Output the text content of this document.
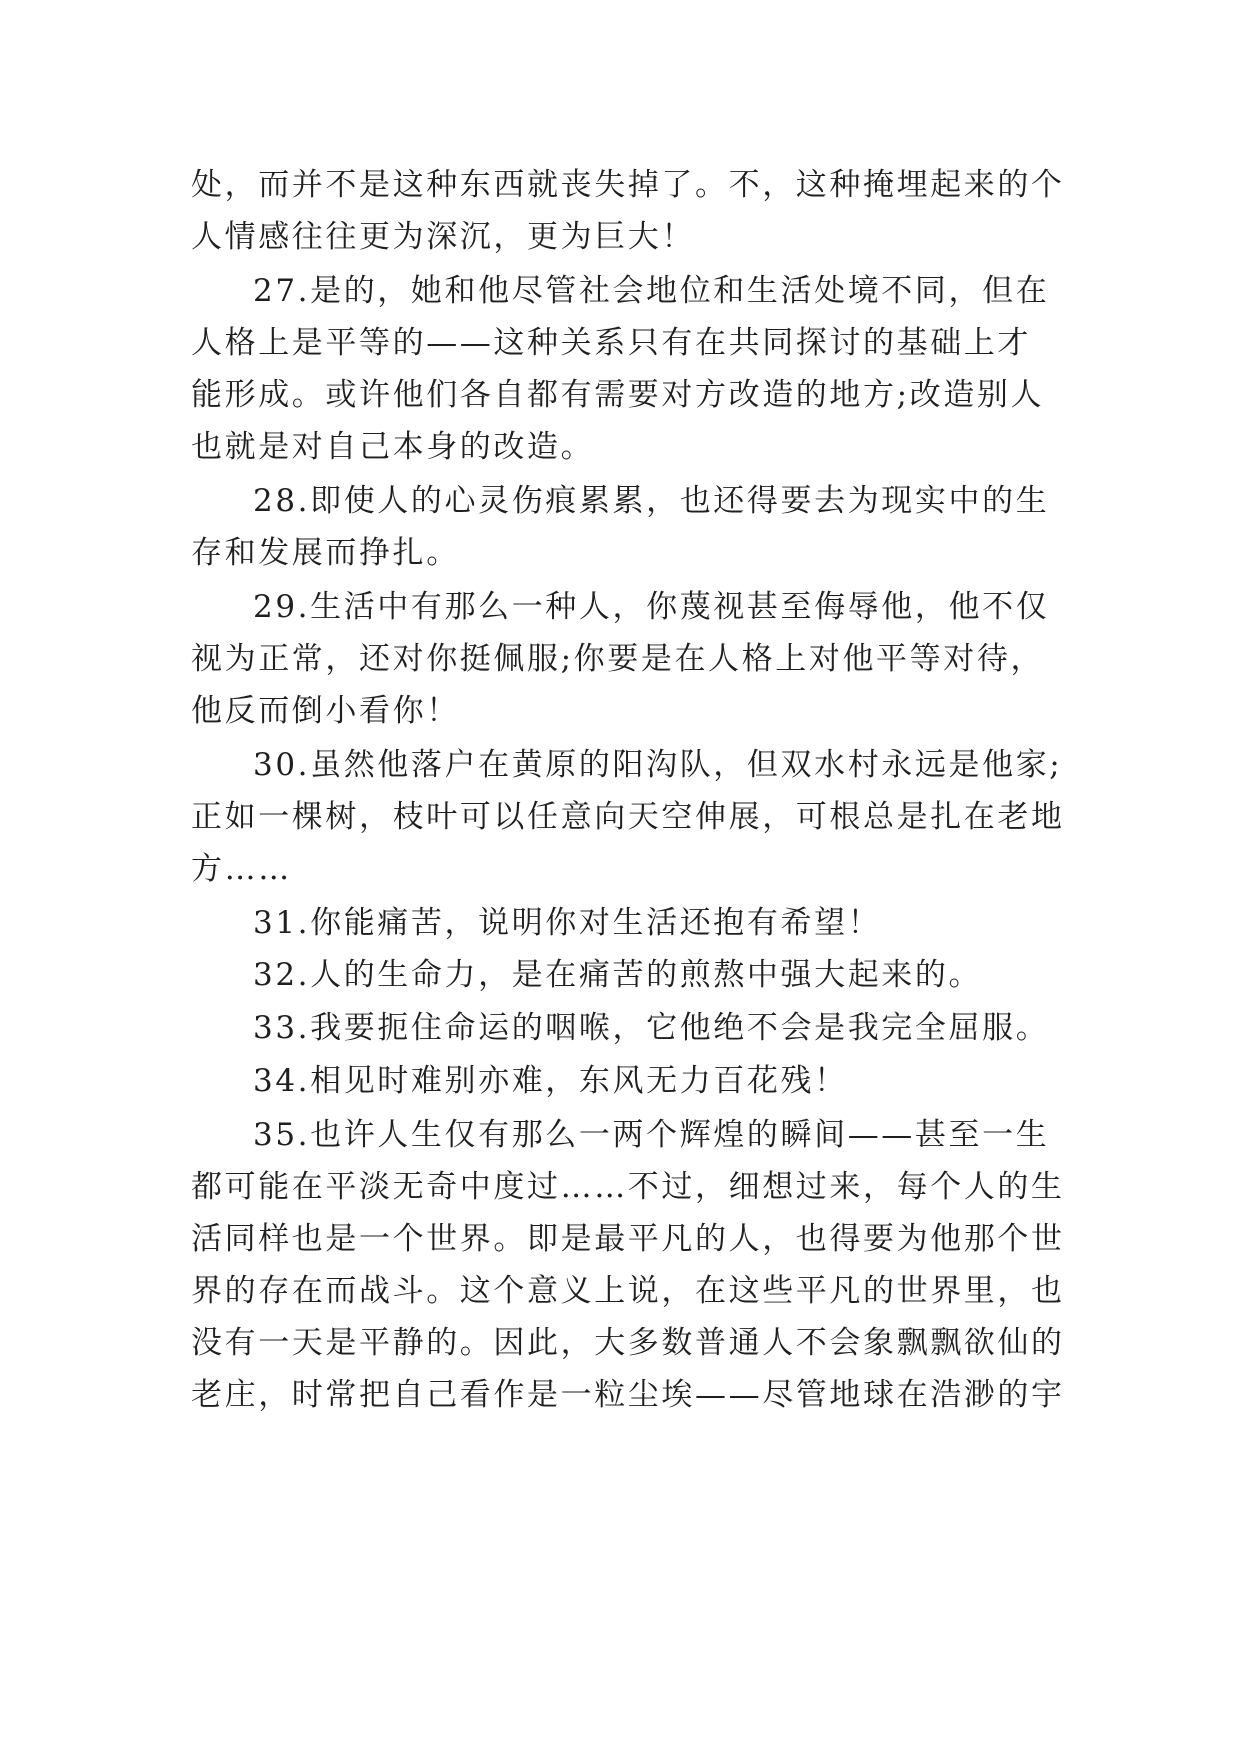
处，而并不是这种东西就丧失掉了。不，这种掩埋起来的个
人情感往往更为深沉，更为巨大！
27.是的，她和他尽管社会地位和生活处境不同，但在
人格上是平等的——这种关系只有在共同探讨的基础上才
能形成。或许他们各自都有需要对方改造的地方;改造别人
也就是对自己本身的改造。
28.即使人的心灵伤痕累累，也还得要去为现实中的生
存和发展而挣扎。
29.生活中有那么一种人，你蔑视甚至侮辱他，他不仅
视为正常，还对你挺佩服;你要是在人格上对他平等对待，
他反而倒小看你！
30.虽然他落户在黄原的阳沟队，但双水村永远是他家;
正如一棵树，枝叶可以任意向天空伸展，可根总是扎在老地
方……
31.你能痛苦，说明你对生活还抱有希望！
32.人的生命力，是在痛苦的煎熬中强大起来的。
33.我要扼住命运的咽喉，它他绝不会是我完全屈服。
34.相见时难别亦难，东风无力百花残！
35.也许人生仅有那么一两个辉煌的瞬间——甚至一生
都可能在平淡无奇中度过……不过，细想过来，每个人的生
活同样也是一个世界。即是最平凡的人，也得要为他那个世
界的存在而战斗。这个意义上说，在这些平凡的世界里，也
没有一天是平静的。因此，大多数普通人不会象飘飘欲仙的
老庄，时常把自己看作是一粒尘埃——尽管地球在浩渺的宇
